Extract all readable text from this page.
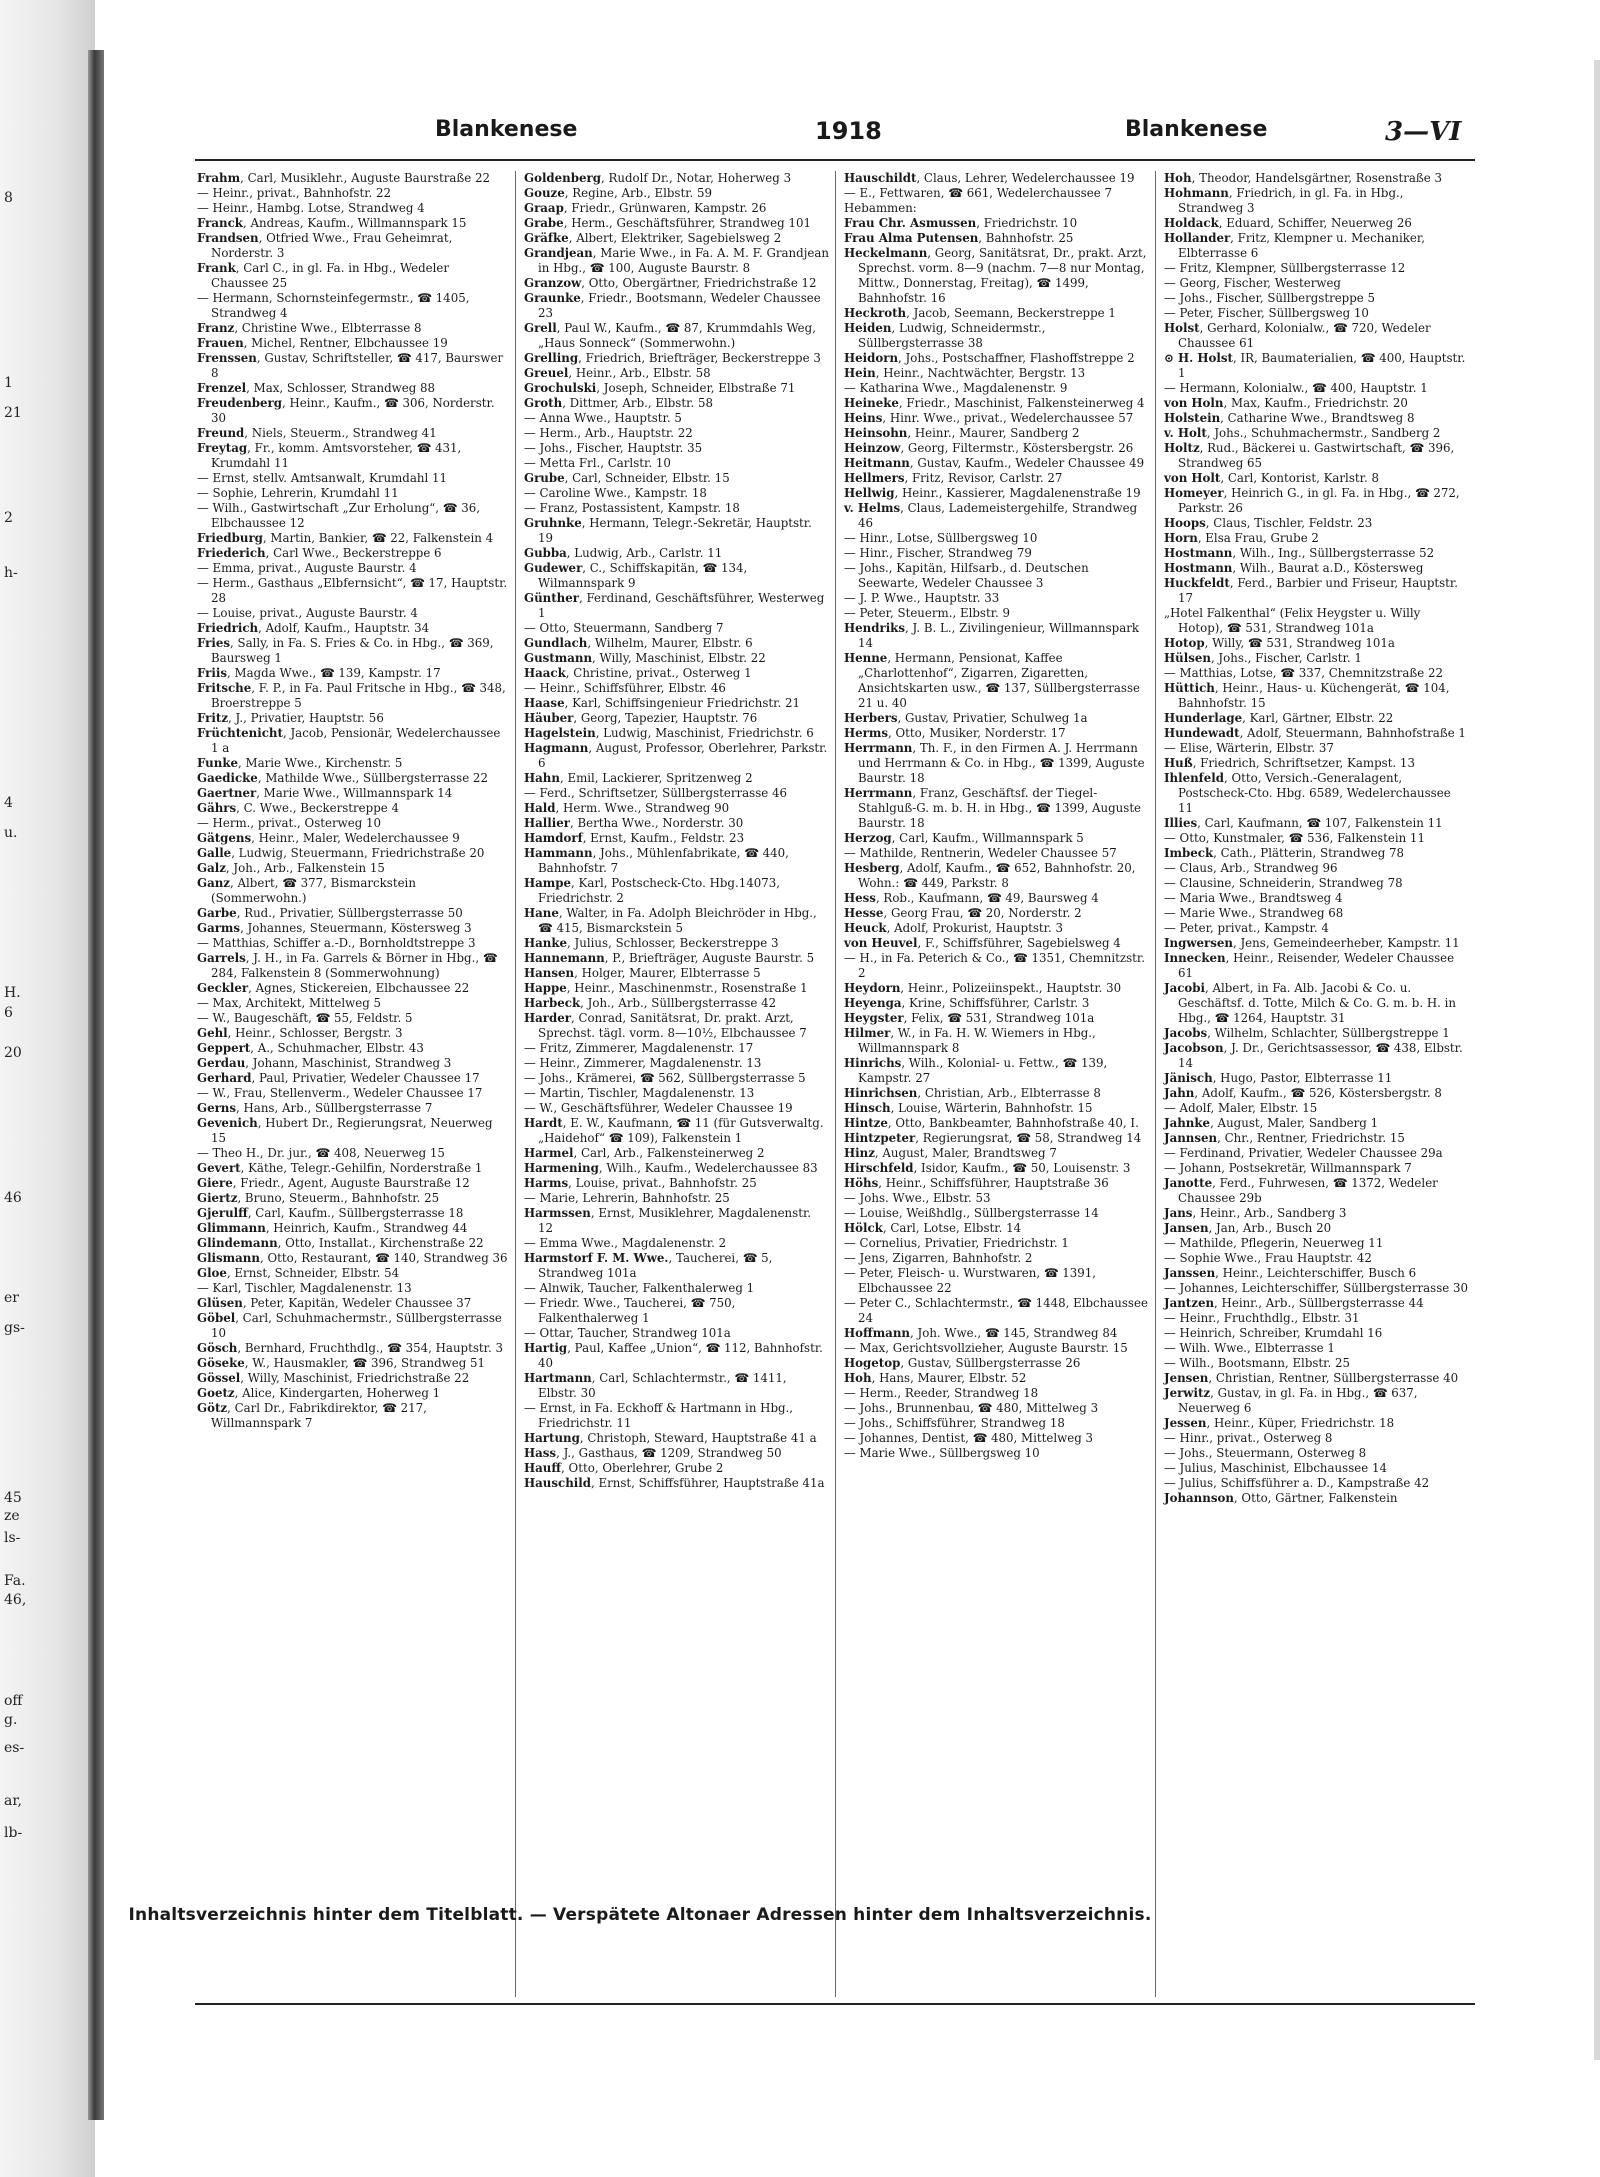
8
1
21
2
h-
4
u.
H.
6
20
46
er
gs-
45
ze
ls-
Fa.
46,
off
g.
es-
ar,
lb-
Blankenese	1918	Blankenese	3—VI

Frahm, Carl, Musiklehr., Auguste Baurstraße 22

— Heinr., privat., Bahnhofstr. 22

— Heinr., Hambg. Lotse, Strandweg 4

Franck, Andreas, Kaufm., Willmannspark 15

Frandsen, Otfried Wwe., Frau Geheimrat, Norderstr. 3

Frank, Carl C., in gl. Fa. in Hbg., Wedeler Chaussee 25

— Hermann, Schornsteinfegermstr., ☎ 1405, Strandweg 4

Franz, Christine Wwe., Elbterrasse 8

Frauen, Michel, Rentner, Elbchaussee 19

Frenssen, Gustav, Schriftsteller, ☎ 417, Baurswег 8

Frenzel, Max, Schlosser, Strandweg 88

Freudenberg, Heinr., Kaufm., ☎ 306, Norderstr. 30

Freund, Niels, Steuerm., Strandweg 41

Freytag, Fr., komm. Amtsvorsteher, ☎ 431, Krumdahl 11

— Ernst, stellv. Amtsanwalt, Krumdahl 11

— Sophie, Lehrerin, Krumdahl 11

— Wilh., Gastwirtschaft „Zur Erholung“, ☎ 36, Elbchaussee 12

Friedburg, Martin, Bankier, ☎ 22, Falkenstein 4

Friederich, Carl Wwe., Beckerstreppe 6

— Emma, privat., Auguste Baurstr. 4

— Herm., Gasthaus „Elbfernsicht“, ☎ 17, Hauptstr. 28

— Louise, privat., Auguste Baurstr. 4

Friedrich, Adolf, Kaufm., Hauptstr. 34

Fries, Sally, in Fa. S. Fries & Co. in Hbg., ☎ 369, Baursweg 1

Friis, Magda Wwe., ☎ 139, Kampstr. 17

Fritsche, F. P., in Fa. Paul Fritsche in Hbg., ☎ 348, Broerstreppe 5

Fritz, J., Privatier, Hauptstr. 56

Früchtenicht, Jacob, Pensionär, Wedelerchaussee 1 a

Funke, Marie Wwe., Kirchenstr. 5

Gaedicke, Mathilde Wwe., Süllbergsterrasse 22

Gaertner, Marie Wwe., Willmannspark 14

Gährs, C. Wwe., Beckerstreppe 4

— Herm., privat., Osterweg 10

Gätgens, Heinr., Maler, Wedelerchaussee 9

Galle, Ludwig, Steuermann, Friedrichstraße 20

Galz, Joh., Arb., Falkenstein 15

Ganz, Albert, ☎ 377, Bismarckstein (Sommerwohn.)

Garbe, Rud., Privatier, Süllbergsterrasse 50

Garms, Johannes, Steuermann, Köstersweg 3

— Matthias, Schiffer a.-D., Bornholdtstreppe 3

Garrels, J. H., in Fa. Garrels & Börner in Hbg., ☎ 284, Falkenstein 8 (Sommerwohnung)

Geckler, Agnes, Stickereien, Elbchaussee 22

— Max, Architekt, Mittelweg 5

— W., Baugeschäft, ☎ 55, Feldstr. 5

Gehl, Heinr., Schlosser, Bergstr. 3

Geppert, A., Schuhmacher, Elbstr. 43

Gerdau, Johann, Maschinist, Strandweg 3

Gerhard, Paul, Privatier, Wedeler Chaussee 17

— W., Frau, Stellenverm., Wedeler Chaussee 17

Gerns, Hans, Arb., Süllbergsterrasse 7

Gevenich, Hubert Dr., Regierungsrat, Neuerweg 15

— Theo H., Dr. jur., ☎ 408, Neuerweg 15

Gevert, Käthe, Telegr.-Gehilfin, Norderstraße 1

Giere, Friedr., Agent, Auguste Baurstraße 12

Giertz, Bruno, Steuerm., Bahnhofstr. 25

Gjerulff, Carl, Kaufm., Süllbergsterrasse 18

Glimmann, Heinrich, Kaufm., Strandweg 44

Glindemann, Otto, Installat., Kirchenstraße 22

Glismann, Otto, Restaurant, ☎ 140, Strandweg 36

Gloe, Ernst, Schneider, Elbstr. 54

— Karl, Tischler, Magdalenenstr. 13

Glüsen, Peter, Kapitän, Wedeler Chaussee 37

Göbel, Carl, Schuhmachermstr., Süllbergsterrasse 10

Gösch, Bernhard, Fruchthdlg., ☎ 354, Hauptstr. 3

Göseke, W., Hausmakler, ☎ 396, Strandweg 51

Gössel, Willy, Maschinist, Friedrichstraße 22

Goetz, Alice, Kindergarten, Hoherweg 1

Götz, Carl Dr., Fabrikdirektor, ☎ 217, Willmannspark 7

Goldenberg, Rudolf Dr., Notar, Hoherweg 3

Gouze, Regine, Arb., Elbstr. 59

Graap, Friedr., Grünwaren, Kampstr. 26

Grabe, Herm., Geschäftsführer, Strandweg 101

Gräfke, Albert, Elektriker, Sagebielsweg 2

Grandjean, Marie Wwe., in Fa. A. M. F. Grandjean in Hbg., ☎ 100, Auguste Baurstr. 8

Granzow, Otto, Obergärtner, Friedrichstraße 12

Graunke, Friedr., Bootsmann, Wedeler Chaussee 23

Grell, Paul W., Kaufm., ☎ 87, Krummdahls Weg, „Haus Sonneck“ (Sommerwohn.)

Grelling, Friedrich, Briefträger, Beckerstreppe 3

Greuel, Heinr., Arb., Elbstr. 58

Grochulski, Joseph, Schneider, Elbstraße 71

Groth, Dittmer, Arb., Elbstr. 58

— Anna Wwe., Hauptstr. 5

— Herm., Arb., Hauptstr. 22

— Johs., Fischer, Hauptstr. 35

— Metta Frl., Carlstr. 10

Grube, Carl, Schneider, Elbstr. 15

— Caroline Wwe., Kampstr. 18

— Franz, Postassistent, Kampstr. 18

Gruhnke, Hermann, Telegr.-Sekretär, Hauptstr. 19

Gubba, Ludwig, Arb., Carlstr. 11

Gudewer, C., Schiffskapitän, ☎ 134, Wilmannspark 9

Günther, Ferdinand, Geschäftsführer, Westerweg 1

— Otto, Steuermann, Sandberg 7

Gundlach, Wilhelm, Maurer, Elbstr. 6

Gustmann, Willy, Maschinist, Elbstr. 22

Haack, Christine, privat., Osterweg 1

— Heinr., Schiffsführer, Elbstr. 46

Haase, Karl, Schiffsingenieur Friedrichstr. 21

Häuber, Georg, Tapezier, Hauptstr. 76

Hagelstein, Ludwig, Maschinist, Friedrichstr. 6

Hagmann, August, Professor, Oberlehrer, Parkstr. 6

Hahn, Emil, Lackierer, Spritzenweg 2

— Ferd., Schriftsetzer, Süllbergsterrasse 46

Hald, Herm. Wwe., Strandweg 90

Hallier, Bertha Wwe., Norderstr. 30

Hamdorf, Ernst, Kaufm., Feldstr. 23

Hammann, Johs., Mühlenfabrikate, ☎ 440, Bahnhofstr. 7

Hampe, Karl, Postscheck-Cto. Hbg.14073, Friedrichstr. 2

Hane, Walter, in Fa. Adolph Bleichröder in Hbg., ☎ 415, Bismarckstein 5

Hanke, Julius, Schlosser, Beckerstreppe 3

Hannemann, P., Briefträger, Auguste Baurstr. 5

Hansen, Holger, Maurer, Elbterrasse 5

Happe, Heinr., Maschinenmstr., Rosenstraße 1

Harbeck, Joh., Arb., Süllbergsterrasse 42

Harder, Conrad, Sanitätsrat, Dr. prakt. Arzt, Sprechst. tägl. vorm. 8—10½, Elbchaussee 7

— Fritz, Zimmerer, Magdalenenstr. 17

— Heinr., Zimmerer, Magdalenenstr. 13

— Johs., Krämerei, ☎ 562, Süllbergsterrasse 5

— Martin, Tischler, Magdalenenstr. 13

— W., Geschäftsführer, Wedeler Chaussee 19

Hardt, E. W., Kaufmann, ☎ 11 (für Gutsverwaltg. „Haidehof“ ☎ 109), Falkenstein 1

Harmel, Carl, Arb., Falkensteinerweg 2

Harmening, Wilh., Kaufm., Wedelerchaussee 83

Harms, Louise, privat., Bahnhofstr. 25

— Marie, Lehrerin, Bahnhofstr. 25

Harmssen, Ernst, Musiklehrer, Magdalenenstr. 12

— Emma Wwe., Magdalenenstr. 2

Harmstorf F. M. Wwe., Taucherei, ☎ 5, Strandweg 101a

— Alnwik, Taucher, Falkenthalerweg 1

— Friedr. Wwe., Taucherei, ☎ 750, Falkenthalerweg 1

— Ottar, Taucher, Strandweg 101a

Hartig, Paul, Kaffee „Union“, ☎ 112, Bahnhofstr. 40

Hartmann, Carl, Schlachtermstr., ☎ 1411, Elbstr. 30

— Ernst, in Fa. Eckhoff & Hartmann in Hbg., Friedrichstr. 11

Hartung, Christoph, Steward, Hauptstraße 41 a

Hass, J., Gasthaus, ☎ 1209, Strandweg 50

Hauff, Otto, Oberlehrer, Grube 2

Hauschild, Ernst, Schiffsführer, Hauptstraße 41a

Hauschildt, Claus, Lehrer, Wedelerchaussee 19

— E., Fettwaren, ☎ 661, Wedelerchaussee 7

Hebammen:

Frau Chr. Asmussen, Friedrichstr. 10

Frau Alma Putensen, Bahnhofstr. 25

Heckelmann, Georg, Sanitätsrat, Dr., prakt. Arzt, Sprechst. vorm. 8—9 (nachm. 7—8 nur Montag, Mittw., Donnerstag, Freitag), ☎ 1499, Bahnhofstr. 16

Heckroth, Jacob, Seemann, Beckerstreppe 1

Heiden, Ludwig, Schneidermstr., Süllbergsterrasse 38

Heidorn, Johs., Postschaffner, Flashoffstreppe 2

Hein, Heinr., Nachtwächter, Bergstr. 13

— Katharina Wwe., Magdalenenstr. 9

Heineke, Friedr., Maschinist, Falkensteinerweg 4

Heins, Hinr. Wwe., privat., Wedelerchaussee 57

Heinsohn, Heinr., Maurer, Sandberg 2

Heinzow, Georg, Filtermstr., Köstersbergstr. 26

Heitmann, Gustav, Kaufm., Wedeler Chaussee 49

Hellmers, Fritz, Revisor, Carlstr. 27

Hellwig, Heinr., Kassierer, Magdalenenstraße 19

v. Helms, Claus, Lademeistergehilfe, Strandweg 46

— Hinr., Lotse, Süllbergsweg 10

— Hinr., Fischer, Strandweg 79

— Johs., Kapitän, Hilfsarb., d. Deutschen Seewarte, Wedeler Chaussee 3

— J. P. Wwe., Hauptstr. 33

— Peter, Steuerm., Elbstr. 9

Hendriks, J. B. L., Zivilingenieur, Willmannspark 14

Henne, Hermann, Pensionat, Kaffee „Charlottenhof“, Zigarren, Zigaretten, Ansichtskarten usw., ☎ 137, Süllbergsterrasse 21 u. 40

Herbers, Gustav, Privatier, Schulweg 1a

Herms, Otto, Musiker, Norderstr. 17

Herrmann, Th. F., in den Firmen A. J. Herrmann und Herrmann & Co. in Hbg., ☎ 1399, Auguste Baurstr. 18

Herrmann, Franz, Geschäftsf. der Tiegel-Stahlguß-G. m. b. H. in Hbg., ☎ 1399, Auguste Baurstr. 18

Herzog, Carl, Kaufm., Willmannspark 5

— Mathilde, Rentnerin, Wedeler Chaussee 57

Hesberg, Adolf, Kaufm., ☎ 652, Bahnhofstr. 20, Wohn.: ☎ 449, Parkstr. 8

Hess, Rob., Kaufmann, ☎ 49, Baursweg 4

Hesse, Georg Frau, ☎ 20, Norderstr. 2

Heuck, Adolf, Prokurist, Hauptstr. 3

von Heuvel, F., Schiffsführer, Sagebielsweg 4

— H., in Fa. Peterich & Co., ☎ 1351, Chemnitzstr. 2

Heydorn, Heinr., Polizeiinspekt., Hauptstr. 30

Heyenga, Krine, Schiffsführer, Carlstr. 3

Heygster, Felix, ☎ 531, Strandweg 101a

Hilmer, W., in Fa. H. W. Wiemers in Hbg., Willmannspark 8

Hinrichs, Wilh., Kolonial- u. Fettw., ☎ 139, Kampstr. 27

Hinrichsen, Christian, Arb., Elbterrasse 8

Hinsch, Louise, Wärterin, Bahnhofstr. 15

Hintze, Otto, Bankbeamter, Bahnhofstraße 40, I.

Hintzpeter, Regierungsrat, ☎ 58, Strandweg 14

Hinz, August, Maler, Brandtsweg 7

Hirschfeld, Isidor, Kaufm., ☎ 50, Louisenstr. 3

Höhs, Heinr., Schiffsführer, Hauptstraße 36

— Johs. Wwe., Elbstr. 53

— Louise, Weißhdlg., Süllbergsterrasse 14

Hölck, Carl, Lotse, Elbstr. 14

— Cornelius, Privatier, Friedrichstr. 1

— Jens, Zigarren, Bahnhofstr. 2

— Peter, Fleisch- u. Wurstwaren, ☎ 1391, Elbchaussee 22

— Peter C., Schlachtermstr., ☎ 1448, Elbchaussee 24

Hoffmann, Joh. Wwe., ☎ 145, Strandweg 84

— Max, Gerichtsvollzieher, Auguste Baurstr. 15

Hogetop, Gustav, Süllbergsterrasse 26

Hoh, Hans, Maurer, Elbstr. 52

— Herm., Reeder, Strandweg 18

— Johs., Brunnenbau, ☎ 480, Mittelweg 3

— Johs., Schiffsführer, Strandweg 18

— Johannes, Dentist, ☎ 480, Mittelweg 3

— Marie Wwe., Süllbergsweg 10

Hoh, Theodor, Handelsgärtner, Rosenstraße 3

Hohmann, Friedrich, in gl. Fa. in Hbg., Strandweg 3

Holdack, Eduard, Schiffer, Neuerweg 26

Hollander, Fritz, Klempner u. Mechaniker, Elbterrasse 6

— Fritz, Klempner, Süllbergsterrasse 12

— Georg, Fischer, Westerweg

— Johs., Fischer, Süllbergstreppe 5

— Peter, Fischer, Süllbergsweg 10

Holst, Gerhard, Kolonialw., ☎ 720, Wedeler Chaussee 61

⊙ H. Holst, IR, Baumaterialien, ☎ 400, Hauptstr. 1

— Hermann, Kolonialw., ☎ 400, Hauptstr. 1

von Holn, Max, Kaufm., Friedrichstr. 20

Holstein, Catharine Wwe., Brandtsweg 8

v. Holt, Johs., Schuhmachermstr., Sandberg 2

Holtz, Rud., Bäckerei u. Gastwirtschaft, ☎ 396, Strandweg 65

von Holt, Carl, Kontorist, Karlstr. 8

Homeyer, Heinrich G., in gl. Fa. in Hbg., ☎ 272, Parkstr. 26

Hoops, Claus, Tischler, Feldstr. 23

Horn, Elsa Frau, Grube 2

Hostmann, Wilh., Ing., Süllbergsterrasse 52

Hostmann, Wilh., Baurat a.D., Köstersweg

Huckfeldt, Ferd., Barbier und Friseur, Hauptstr. 17

„Hotel Falkenthal“ (Felix Heygster u. Willy Hotop), ☎ 531, Strandweg 101a

Hotop, Willy, ☎ 531, Strandweg 101a

Hülsen, Johs., Fischer, Carlstr. 1

— Matthias, Lotse, ☎ 337, Chemnitzstraße 22

Hüttich, Heinr., Haus- u. Küchengerät, ☎ 104, Bahnhofstr. 15

Hunderlage, Karl, Gärtner, Elbstr. 22

Hundewadt, Adolf, Steuermann, Bahnhofstraße 1

— Elise, Wärterin, Elbstr. 37

Huß, Friedrich, Schriftsetzer, Kampst. 13

Ihlenfeld, Otto, Versich.-Generalagent, Postscheck-Cto. Hbg. 6589, Wedelerchaussee 11

Illies, Carl, Kaufmann, ☎ 107, Falkenstein 11

— Otto, Kunstmaler, ☎ 536, Falkenstein 11

Imbeck, Cath., Plätterin, Strandweg 78

— Claus, Arb., Strandweg 96

— Clausine, Schneiderin, Strandweg 78

— Maria Wwe., Brandtsweg 4

— Marie Wwe., Strandweg 68

— Peter, privat., Kampstr. 4

Ingwersen, Jens, Gemeindeerheber, Kampstr. 11

Innecken, Heinr., Reisender, Wedeler Chaussee 61

Jacobi, Albert, in Fa. Alb. Jacobi & Co. u. Geschäftsf. d. Totte, Milch & Co. G. m. b. H. in Hbg., ☎ 1264, Hauptstr. 31

Jacobs, Wilhelm, Schlachter, Süllbergstreppe 1

Jacobson, J. Dr., Gerichtsassessor, ☎ 438, Elbstr. 14

Jänisch, Hugo, Pastor, Elbterrasse 11

Jahn, Adolf, Kaufm., ☎ 526, Köstersbergstr. 8

— Adolf, Maler, Elbstr. 15

Jahnke, August, Maler, Sandberg 1

Jannsen, Chr., Rentner, Friedrichstr. 15

— Ferdinand, Privatier, Wedeler Chaussee 29a

— Johann, Postsekretär, Willmannspark 7

Janotte, Ferd., Fuhrwesen, ☎ 1372, Wedeler Chaussee 29b

Jans, Heinr., Arb., Sandberg 3

Jansen, Jan, Arb., Busch 20

— Mathilde, Pflegerin, Neuerweg 11

— Sophie Wwe., Frau Hauptstr. 42

Janssen, Heinr., Leichterschiffer, Busch 6

— Johannes, Leichterschiffer, Süllbergsterrasse 30

Jantzen, Heinr., Arb., Süllbergsterrasse 44

— Heinr., Fruchthdlg., Elbstr. 31

— Heinrich, Schreiber, Krumdahl 16

— Wilh. Wwe., Elbterrasse 1

— Wilh., Bootsmann, Elbstr. 25

Jensen, Christian, Rentner, Süllbergsterrasse 40

Jerwitz, Gustav, in gl. Fa. in Hbg., ☎ 637, Neuerweg 6

Jessen, Heinr., Küper, Friedrichstr. 18

— Hinr., privat., Osterweg 8

— Johs., Steuermann, Osterweg 8

— Julius, Maschinist, Elbchaussee 14

— Julius, Schiffsführer a. D., Kampstraße 42

Johannson, Otto, Gärtner, Falkenstein

Inhaltsverzeichnis hinter dem Titelblatt. — Verspätete Altonaer Adressen hinter dem Inhaltsverzeichnis.
